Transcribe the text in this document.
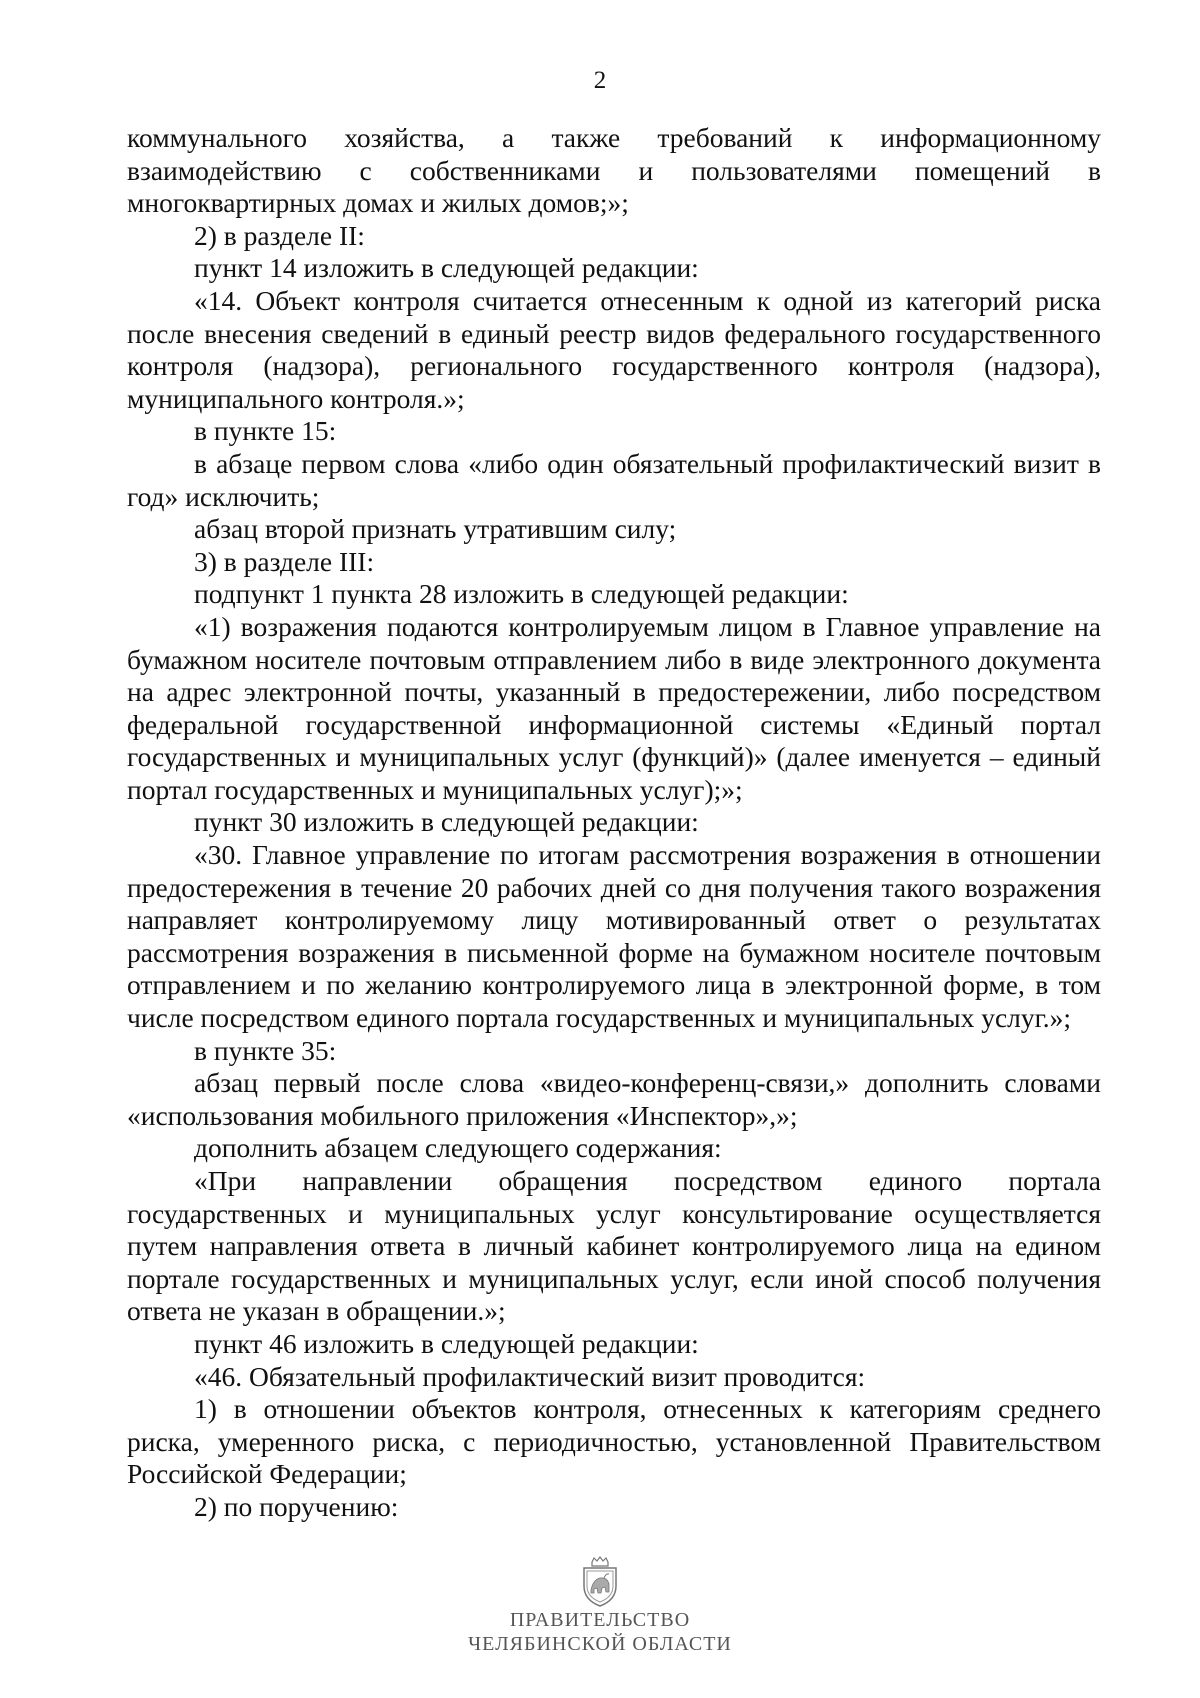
2

коммунального хозяйства, а также требований к информационному взаимодействию с собственниками и пользователями помещений в многоквартирных домах и жилых домов;»;

2) в разделе II:

пункт 14 изложить в следующей редакции:

«14. Объект контроля считается отнесенным к одной из категорий риска после внесения сведений в единый реестр видов федерального государственного контроля (надзора), регионального государственного контроля (надзора), муниципального контроля.»;

в пункте 15:

в абзаце первом слова «либо один обязательный профилактический визит в год» исключить;

абзац второй признать утратившим силу;

3) в разделе III:

подпункт 1 пункта 28 изложить в следующей редакции:

«1) возражения подаются контролируемым лицом в Главное управление на бумажном носителе почтовым отправлением либо в виде электронного документа на адрес электронной почты, указанный в предостережении, либо посредством федеральной государственной информационной системы «Единый портал государственных и муниципальных услуг (функций)» (далее именуется – единый портал государственных и муниципальных услуг);»;

пункт 30 изложить в следующей редакции:

«30. Главное управление по итогам рассмотрения возражения в отношении предостережения в течение 20 рабочих дней со дня получения такого возражения направляет контролируемому лицу мотивированный ответ о результатах рассмотрения возражения в письменной форме на бумажном носителе почтовым отправлением и по желанию контролируемого лица в электронной форме, в том числе посредством единого портала государственных и муниципальных услуг.»;

в пункте 35:

абзац первый после слова «видео-конференц-связи,» дополнить словами «использования мобильного приложения «Инспектор»,»;

дополнить абзацем следующего содержания:

«При направлении обращения посредством единого портала государственных и муниципальных услуг консультирование осуществляется путем направления ответа в личный кабинет контролируемого лица на едином портале государственных и муниципальных услуг, если иной способ получения ответа не указан в обращении.»;

пункт 46 изложить в следующей редакции:

«46. Обязательный профилактический визит проводится:

1) в отношении объектов контроля, отнесенных к категориям среднего риска, умеренного риска, с периодичностью, установленной Правительством Российской Федерации;

2) по поручению:

ПРАВИТЕЛЬСТВО
ЧЕЛЯБИНСКОЙ ОБЛАСТИ
